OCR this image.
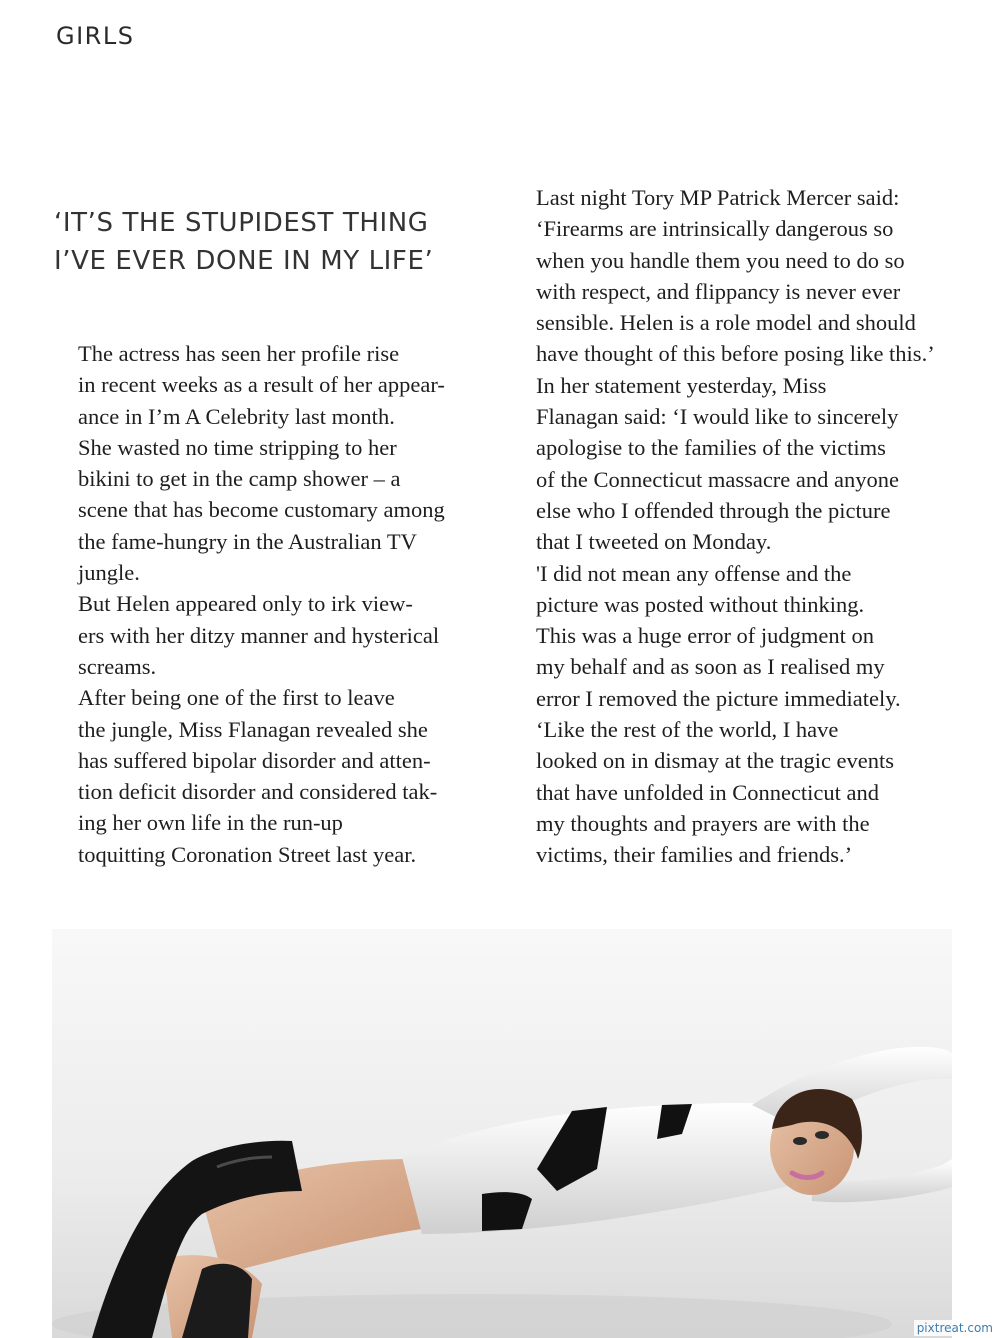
GIRLS
‘IT’S THE STUPIDEST THING
I’VE EVER DONE IN MY LIFE’

The actress has seen her profile rise
in recent weeks as a result of her appear-
ance in I’m A Celebrity last month.

She wasted no time stripping to her
bikini to get in the camp shower – a
scene that has become customary among
the fame-hungry in the Australian TV
jungle.

But Helen appeared only to irk view-
ers with her ditzy manner and hysterical
screams.

After being one of the first to leave
the jungle, Miss Flanagan revealed she
has suffered bipolar disorder and atten-
tion deficit disorder and considered tak-
ing her own life in the run-up

toquitting Coronation Street last year.

Last night Tory MP Patrick Mercer said:
‘Firearms are intrinsically dangerous so
when you handle them you need to do so
with respect, and flippancy is never ever
sensible. Helen is a role model and should
have thought of this before posing like this.’

In her statement yesterday, Miss
Flanagan said: ‘I would like to sincerely
apologise to the families of the victims
of the Connecticut massacre and anyone
else who I offended through the picture
that I tweeted on Monday.

'I did not mean any offense and the
picture was posted without thinking.
This was a huge error of judgment on
my behalf and as soon as I realised my
error I removed the picture immediately.

‘Like the rest of the world, I have
looked on in dismay at the tragic events
that have unfolded in Connecticut and
my thoughts and prayers are with the
victims, their families and friends.’

pixtreat.com
